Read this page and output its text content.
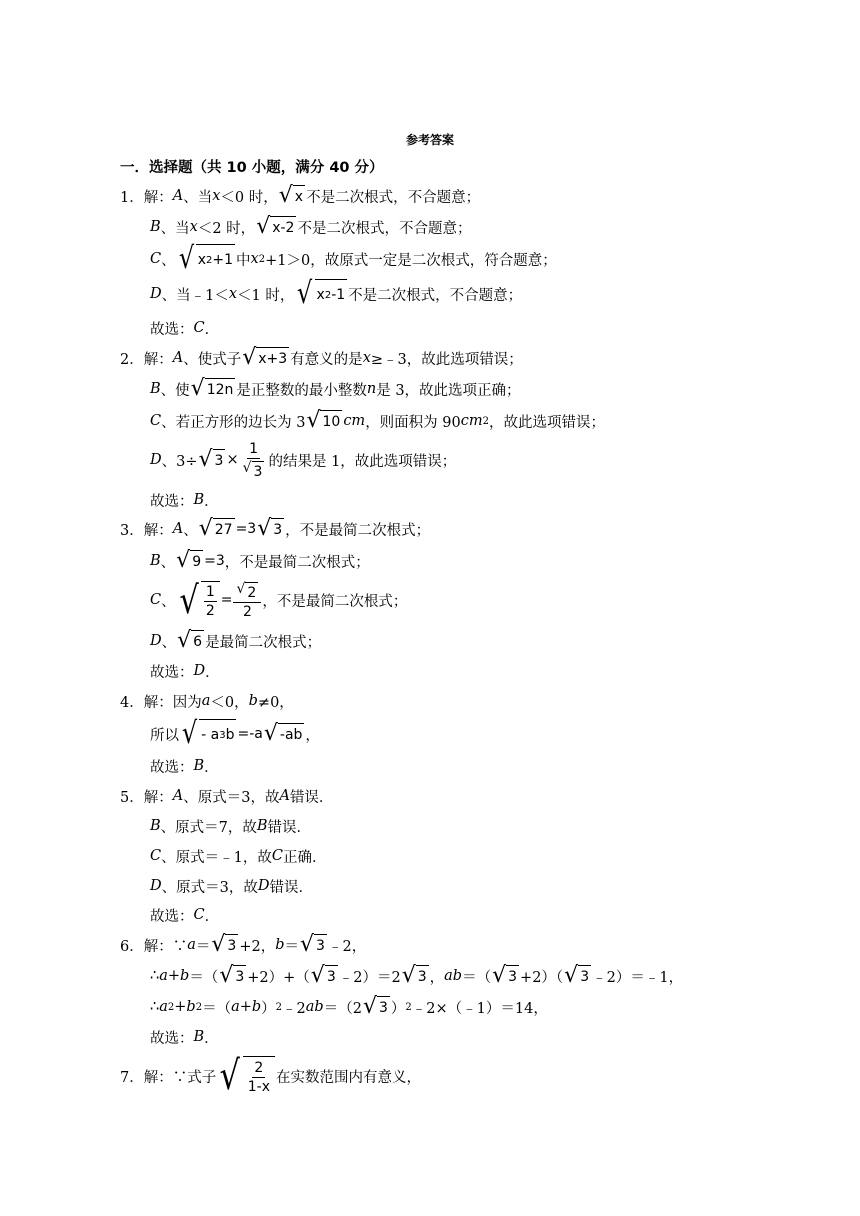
参考答案
一．选择题（共 10 小题，满分 40 分）
1． 解： A 、当 x ＜0 时， √ x 不是二次根式，不合题意；
B 、当 x ＜2 时， √ x-2 不是二次根式，不合题意；
C 、 √ x 2 +1 中 x 2 +1＞0，故原式一定是二次根式，符合题意；
D 、当﹣1＜ x ＜1 时， √ x 2 -1 不是二次根式，不合题意；
故选： C ．
2． 解： A 、使式子 √ x+3 有意义的是 x ≥﹣3，故此选项错误；
B 、使 √ 12n 是正整数的最小整数 n 是 3，故此选项正确；
C 、若正方形的边长为 3 √ 10 cm ，则面积为 90 cm 2 ，故此选项错误；
D 、3÷ √ $3 \times \frac{1}{√ 3}$ 的结果是 1，故此选项错误；
故选： B ．
3． 解： A 、 √ 27 =3 √ 3 ，不是最简二次根式；
B 、 √ 9 =3 ，不是最简二次根式；
C 、 √ $\frac{1}{2} = \frac{√ 2}{2}$ ，不是最简二次根式；
D 、 √ 6 是最简二次根式；
故选： D ．
4． 解：因为 a ＜0， b ≠0，
所以 √ - a 3 b =-a √ -ab ，
故选： B ．
5． 解： A 、原式＝3，故 A 错误．
B 、原式＝7，故 B 错误．
C 、原式＝﹣1，故 C 正确．
D 、原式＝3，故 D 错误．
故选： C ．
6． 解：∵ a ＝ √ 3 +2， b ＝ √ 3 ﹣2，
∴ a+b ＝（ √ 3 +2）+（ √ 3 ﹣2）＝2 √ 3 ， ab ＝（ √ 3 +2）（ √ 3 ﹣2）＝﹣1，
∴ a 2 + b 2 ＝（ a+b ） 2 ﹣2 ab ＝（2 √ 3 ） 2 ﹣2×（﹣1）＝14，
故选： B ．
7． 解：∵式子 √ $\frac{2}{1-x}$ 在实数范围内有意义，
